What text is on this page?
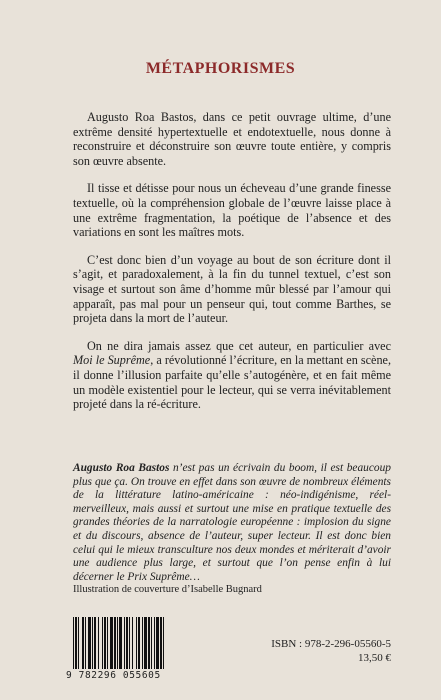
MÉTAPHORISMES

Augusto Roa Bastos, dans ce petit ouvrage ultime, d’une extrême densité hypertextuelle et endotextuelle, nous donne à reconstruire et déconstruire son œuvre toute entière, y compris son œuvre absente.

Il tisse et détisse pour nous un écheveau d’une grande finesse textuelle, où la compréhension globale de l’œuvre laisse place à une extrême fragmentation, la poétique de l’absence et des variations en sont les maîtres mots.

C’est donc bien d’un voyage au bout de son écriture dont il s’agit, et paradoxalement, à la fin du tunnel textuel, c’est son visage et surtout son âme d’homme mûr blessé par l’amour qui apparaît, pas mal pour un penseur qui, tout comme Barthes, se projeta dans la mort de l’auteur.

On ne dira jamais assez que cet auteur, en particulier avec Moi le Suprême, a révolutionné l’écriture, en la mettant en scène, il donne l’illusion parfaite qu’elle s’autogénère, et en fait même un modèle existentiel pour le lecteur, qui se verra inévitablement projeté dans la ré-écriture.

Augusto Roa Bastos n’est pas un écrivain du boom, il est beaucoup plus que ça. On trouve en effet dans son œuvre de nombreux éléments de la littérature latino-américaine : néo-indigénisme, réel-merveilleux, mais aussi et surtout une mise en pratique textuelle des grandes théories de la narratologie européenne : implosion du signe et du discours, absence de l’auteur, super lecteur. Il est donc bien celui qui le mieux transculture nos deux mondes et mériterait d’avoir une audience plus large, et surtout que l’on pense enfin à lui décerner le Prix Suprême…
Illustration de couverture d’Isabelle Bugnard
9 782296 055605
ISBN : 978-2-296-05560-5
13,50 €
